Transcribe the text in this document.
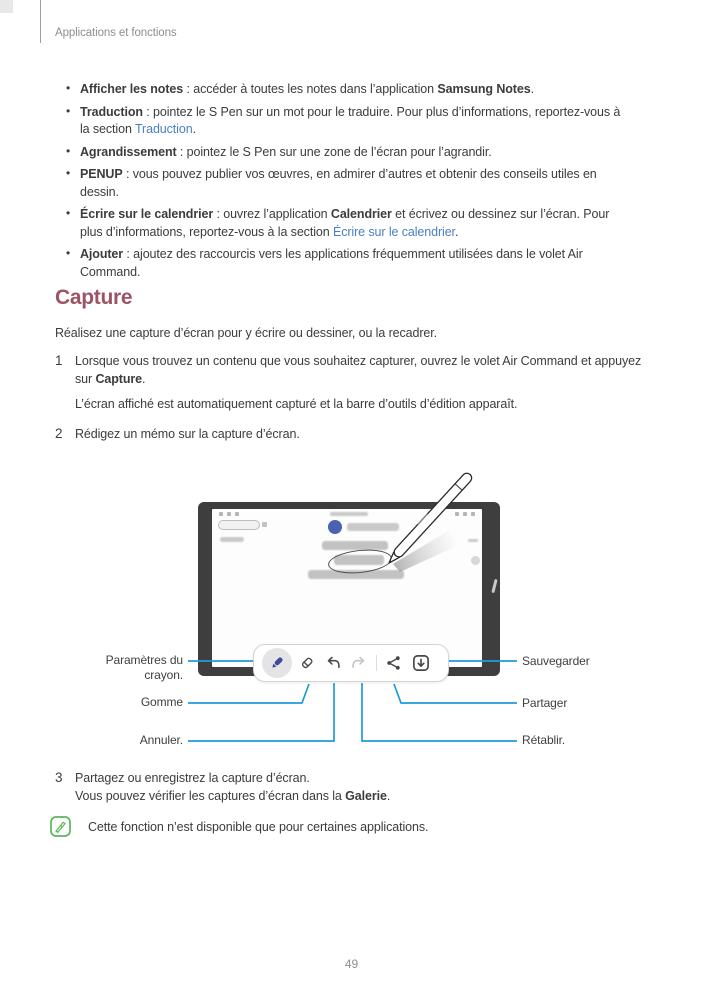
Applications et fonctions
• Afficher les notes : accéder à toutes les notes dans l’application Samsung Notes.
• Traduction : pointez le S Pen sur un mot pour le traduire. Pour plus d’informations, reportez-vous à la section Traduction.
• Agrandissement : pointez le S Pen sur une zone de l’écran pour l’agrandir.
• PENUP : vous pouvez publier vos œuvres, en admirer d’autres et obtenir des conseils utiles en dessin.
• Écrire sur le calendrier : ouvrez l’application Calendrier et écrivez ou dessinez sur l’écran. Pour plus d’informations, reportez-vous à la section Écrire sur le calendrier.
• Ajouter : ajoutez des raccourcis vers les applications fréquemment utilisées dans le volet Air Command.
Capture
Réalisez une capture d’écran pour y écrire ou dessiner, ou la recadrer.
1 Lorsque vous trouvez un contenu que vous souhaitez capturer, ouvrez le volet Air Command et appuyez sur Capture.
L’écran affiché est automatiquement capturé et la barre d’outils d’édition apparaît.
2 Rédigez un mémo sur la capture d’écran.
Paramètres du
crayon.
Gomme
Annuler.
Sauvegarder
Partager
Rétablir.
3 Partagez ou enregistrez la capture d’écran.
Vous pouvez vérifier les captures d’écran dans la Galerie.
Cette fonction n’est disponible que pour certaines applications.
49
